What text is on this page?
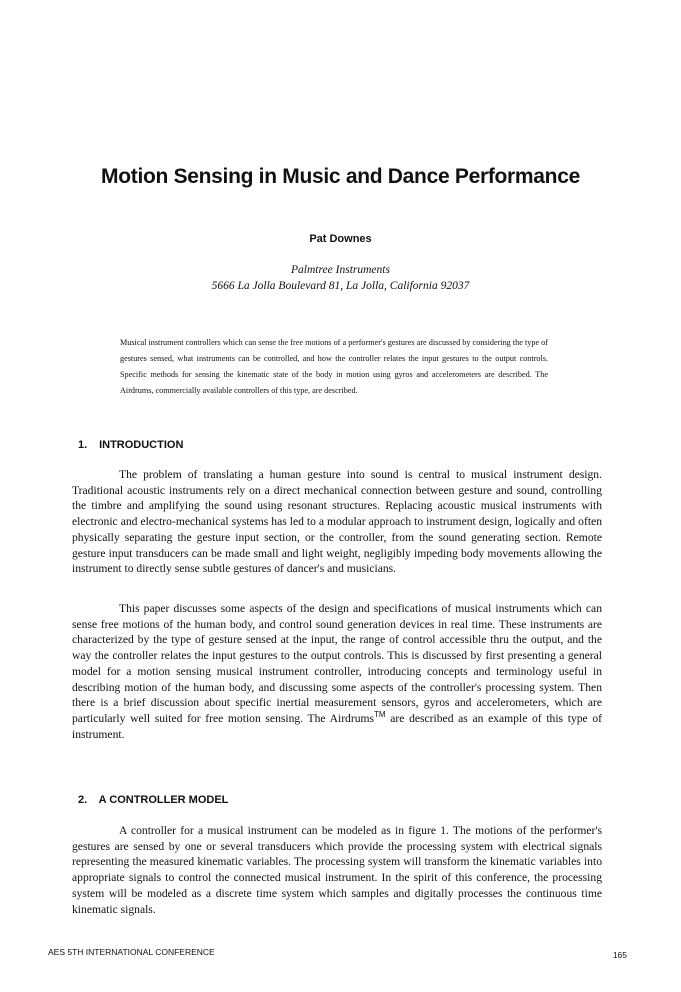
Motion Sensing in Music and Dance Performance
Pat Downes
Palmtree Instruments
5666 La Jolla Boulevard 81, La Jolla, California 92037
Musical instrument controllers which can sense the free motions of a performer's gestures are discussed by considering the type of gestures sensed, what instruments can be controlled, and how the controller relates the input gestures to the output controls. Specific methods for sensing the kinematic state of the body in motion using gyros and accelerometers are described. The Airdrums, commercially available controllers of this type, are described.
1. INTRODUCTION

The problem of translating a human gesture into sound is central to musical instrument design. Traditional acoustic instruments rely on a direct mechanical connection between gesture and sound, controlling the timbre and amplifying the sound using resonant structures. Replacing acoustic musical instruments with electronic and electro-mechanical systems has led to a modular approach to instrument design, logically and often physically separating the gesture input section, or the controller, from the sound generating section. Remote gesture input transducers can be made small and light weight, negligibly impeding body movements allowing the instrument to directly sense subtle gestures of dancer's and musicians.

This paper discusses some aspects of the design and specifications of musical instruments which can sense free motions of the human body, and control sound generation devices in real time. These instruments are characterized by the type of gesture sensed at the input, the range of control accessible thru the output, and the way the controller relates the input gestures to the output controls. This is discussed by first presenting a general model for a motion sensing musical instrument controller, introducing concepts and terminology useful in describing motion of the human body, and discussing some aspects of the controller's processing system. Then there is a brief discussion about specific inertial measurement sensors, gyros and accelerometers, which are particularly well suited for free motion sensing. The Airdrums™ are described as an example of this type of instrument.

2. A CONTROLLER MODEL

A controller for a musical instrument can be modeled as in figure 1. The motions of the performer's gestures are sensed by one or several transducers which provide the processing system with electrical signals representing the measured kinematic variables. The processing system will transform the kinematic variables into appropriate signals to control the connected musical instrument. In the spirit of this conference, the processing system will be modeled as a discrete time system which samples and digitally processes the continuous time kinematic signals.

AES 5TH INTERNATIONAL CONFERENCE	165
